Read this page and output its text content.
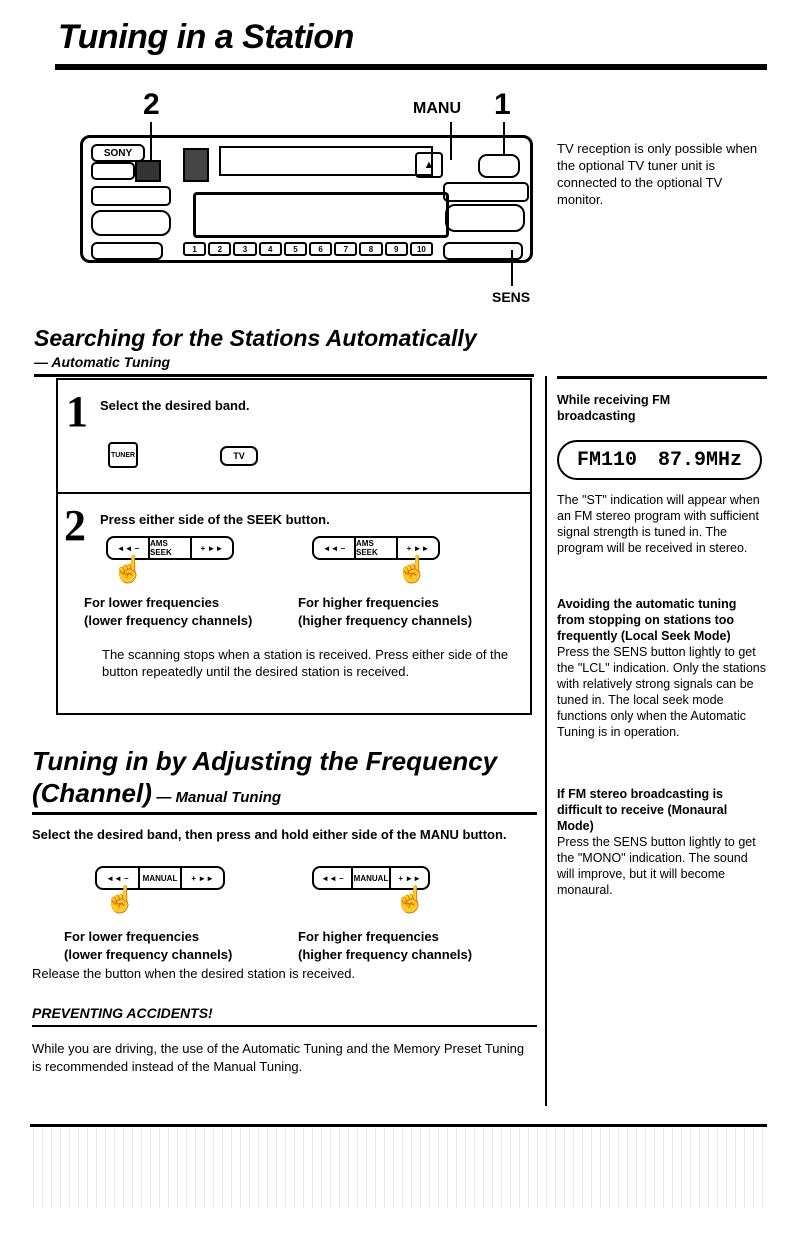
Tuning in a Station
2	MANU 1
SENS
SONY
▲
1	2	3	4	5	6	7	8	9	10
TV reception is only possible when the optional TV tuner unit is connected to the optional TV monitor.
Searching for the Stations Automatically
— Automatic Tuning
1 Select the desired band.
TUNER	TV
2 Press either side of the SEEK button.
◄◄ –	AMS SEEK	+ ►►
☝
◄◄ –	AMS SEEK	+ ►►
☝
For lower frequencies
(lower frequency channels)
For higher frequencies
(higher frequency channels)
The scanning stops when a station is received. Press either side of the button repeatedly until the desired station is received.
Tuning in by Adjusting the Frequency
(Channel) — Manual Tuning
Select the desired band, then press and hold either side of the MANU button.
◄◄ –	MANUAL	+ ►►
☝
◄◄ –	MANUAL	+ ►►
☝
For lower frequencies
(lower frequency channels)
For higher frequencies
(higher frequency channels)
Release the button when the desired station is received.
PREVENTING ACCIDENTS!
While you are driving, the use of the Automatic Tuning and the Memory Preset Tuning is recommended instead of the Manual Tuning.
While receiving FM broadcasting
FM110 87.9MHz
The "ST" indication will appear when an FM stereo program with sufficient signal strength is tuned in. The program will be received in stereo.
Avoiding the automatic tuning from stopping on stations too frequently (Local Seek Mode)
Press the SENS button lightly to get the "LCL" indication. Only the stations with relatively strong signals can be tuned in. The local seek mode functions only when the Automatic Tuning is in operation.
If FM stereo broadcasting is difficult to receive (Monaural Mode)
Press the SENS button lightly to get the "MONO" indication. The sound will improve, but it will become monaural.
